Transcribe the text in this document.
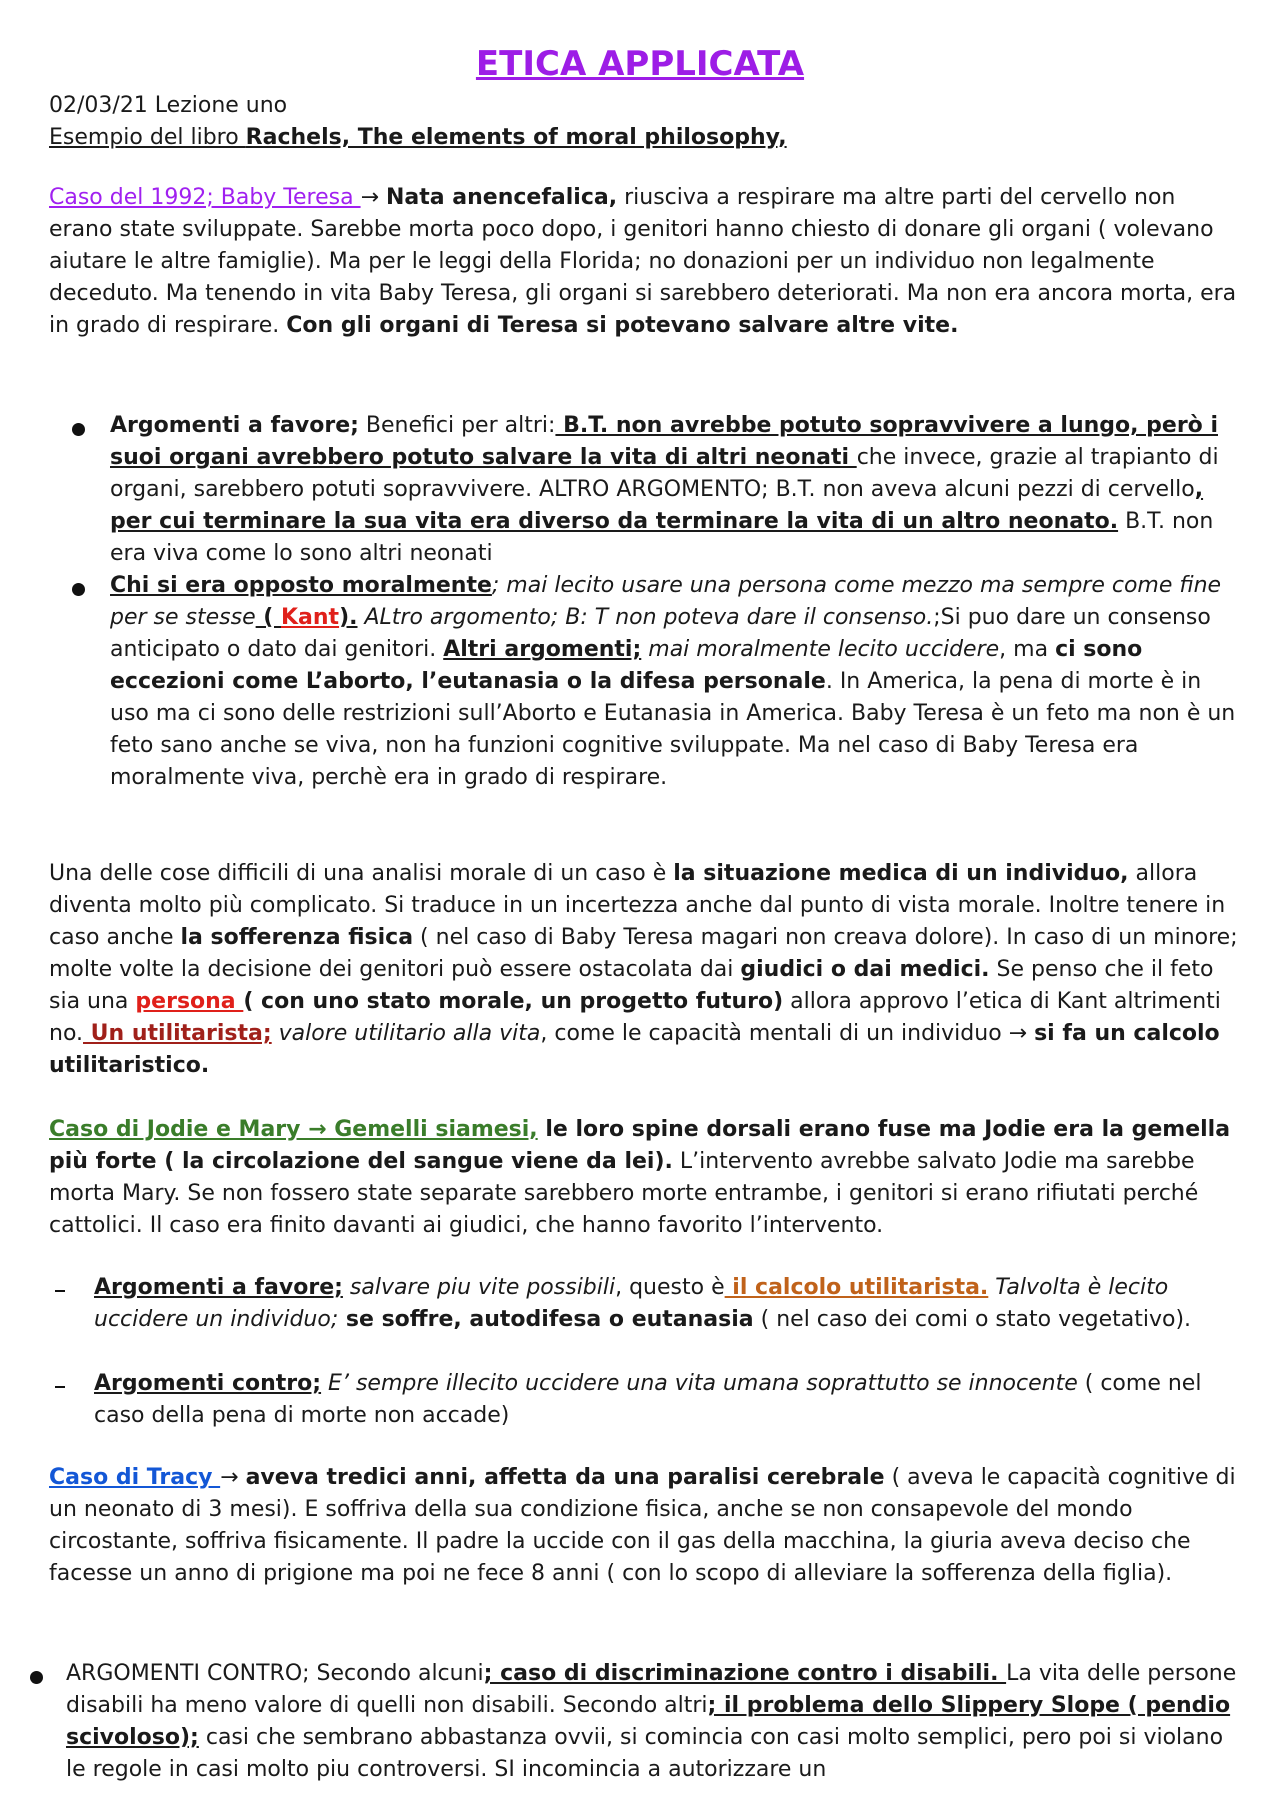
ETICA APPLICATA
02/03/21 Lezione uno
Esempio del libro Rachels, The elements of moral philosophy,

Caso del 1992; Baby Teresa → Nata anencefalica, riusciva a respirare ma altre parti del cervello non erano state sviluppate. Sarebbe morta poco dopo, i genitori hanno chiesto di donare gli organi ( volevano aiutare le altre famiglie). Ma per le leggi della Florida; no donazioni per un individuo non legalmente deceduto. Ma tenendo in vita Baby Teresa, gli organi si sarebbero deteriorati. Ma non era ancora morta, era in grado di respirare. Con gli organi di Teresa si potevano salvare altre vite.

Argomenti a favore; Benefici per altri: B.T. non avrebbe potuto sopravvivere a lungo, però i suoi organi avrebbero potuto salvare la vita di altri neonati che invece, grazie al trapianto di organi, sarebbero potuti sopravvivere. ALTRO ARGOMENTO; B.T. non aveva alcuni pezzi di cervello, per cui terminare la sua vita era diverso da terminare la vita di un altro neonato. B.T. non era viva come lo sono altri neonati

Chi si era opposto moralmente; mai lecito usare una persona come mezzo ma sempre come fine per se stesse ( Kant). ALtro argomento; B: T non poteva dare il consenso.;Si puo dare un consenso anticipato o dato dai genitori. Altri argomenti; mai moralmente lecito uccidere, ma ci sono eccezioni come L’aborto, l’eutanasia o la difesa personale. In America, la pena di morte è in uso ma ci sono delle restrizioni sull’Aborto e Eutanasia in America. Baby Teresa è un feto ma non è un feto sano anche se viva, non ha funzioni cognitive sviluppate. Ma nel caso di Baby Teresa era moralmente viva, perchè era in grado di respirare.

Una delle cose difficili di una analisi morale di un caso è la situazione medica di un individuo, allora diventa molto più complicato. Si traduce in un incertezza anche dal punto di vista morale. Inoltre tenere in caso anche la sofferenza fisica ( nel caso di Baby Teresa magari non creava dolore). In caso di un minore; molte volte la decisione dei genitori può essere ostacolata dai giudici o dai medici. Se penso che il feto sia una persona ( con uno stato morale, un progetto futuro) allora approvo l’etica di Kant altrimenti no. Un utilitarista; valore utilitario alla vita, come le capacità mentali di un individuo → si fa un calcolo utilitaristico.

Caso di Jodie e Mary → Gemelli siamesi, le loro spine dorsali erano fuse ma Jodie era la gemella più forte ( la circolazione del sangue viene da lei). L’intervento avrebbe salvato Jodie ma sarebbe morta Mary. Se non fossero state separate sarebbero morte entrambe, i genitori si erano rifiutati perché cattolici. Il caso era finito davanti ai giudici, che hanno favorito l’intervento.

Argomenti a favore; salvare piu vite possibili, questo è il calcolo utilitarista. Talvolta è lecito uccidere un individuo; se soffre, autodifesa o eutanasia ( nel caso dei comi o stato vegetativo).

Argomenti contro; E’ sempre illecito uccidere una vita umana soprattutto se innocente ( come nel caso della pena di morte non accade)

Caso di Tracy → aveva tredici anni, affetta da una paralisi cerebrale ( aveva le capacità cognitive di un neonato di 3 mesi). E soffriva della sua condizione fisica, anche se non consapevole del mondo circostante, soffriva fisicamente. Il padre la uccide con il gas della macchina, la giuria aveva deciso che facesse un anno di prigione ma poi ne fece 8 anni ( con lo scopo di alleviare la sofferenza della figlia).

ARGOMENTI CONTRO; Secondo alcuni; caso di discriminazione contro i disabili. La vita delle persone disabili ha meno valore di quelli non disabili. Secondo altri; il problema dello Slippery Slope ( pendio scivoloso); casi che sembrano abbastanza ovvii, si comincia con casi molto semplici, pero poi si violano le regole in casi molto piu controversi. SI incomincia a autorizzare un
